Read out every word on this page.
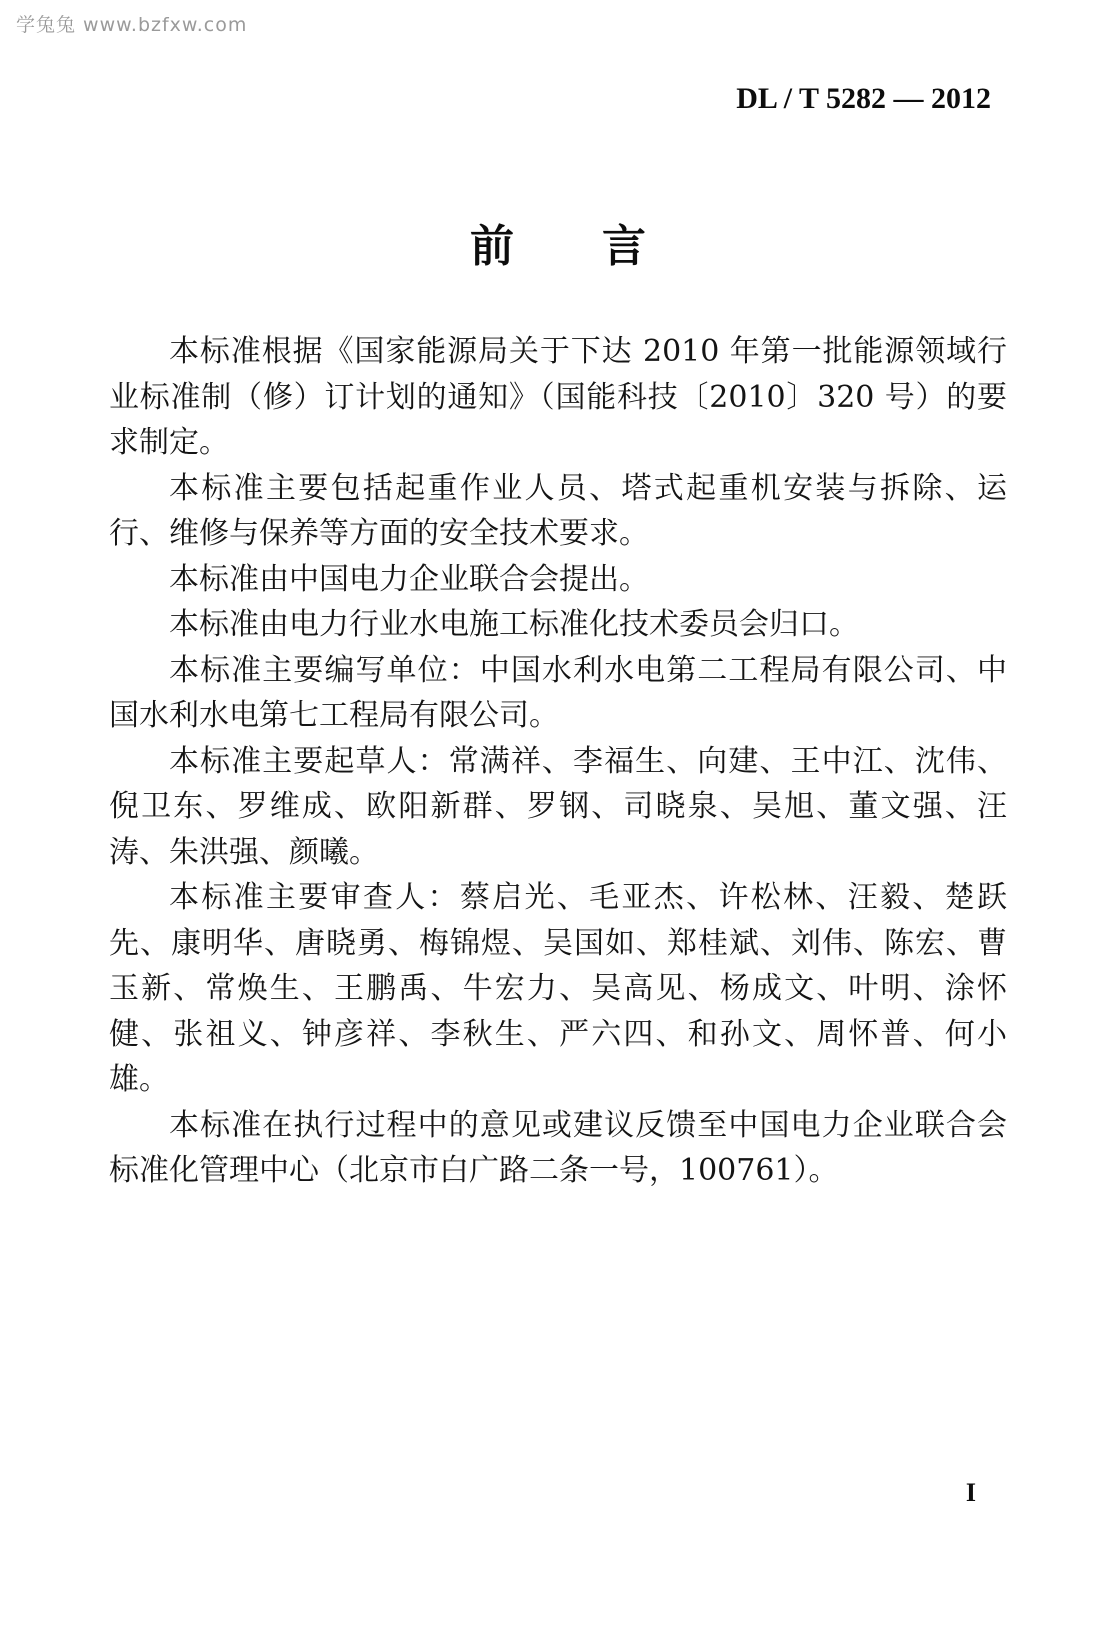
学兔兔 www.bzfxw.com
DL / T 5282 — 2012
前言

本标准根据《国家能源局关于下达 2010 年第一批能源领域行业标准制（修）订计划的通知》（国能科技〔2010〕320 号）的要求制定。

本标准主要包括起重作业人员、塔式起重机安装与拆除、运行、维修与保养等方面的安全技术要求。

本标准由中国电力企业联合会提出。

本标准由电力行业水电施工标准化技术委员会归口。

本标准主要编写单位：中国水利水电第二工程局有限公司、中国水利水电第七工程局有限公司。

本标准主要起草人：常满祥、李福生、向建、王中江、沈伟、倪卫东、罗维成、欧阳新群、罗钢、司晓泉、吴旭、董文强、汪涛、朱洪强、颜曦。

本标准主要审查人：蔡启光、毛亚杰、许松林、汪毅、楚跃先、康明华、唐晓勇、梅锦煜、吴国如、郑桂斌、刘伟、陈宏、曹玉新、常焕生、王鹏禹、牛宏力、吴高见、杨成文、叶明、涂怀健、张祖义、钟彦祥、李秋生、严六四、和孙文、周怀普、何小雄。

本标准在执行过程中的意见或建议反馈至中国电力企业联合会标准化管理中心（北京市白广路二条一号，100761）。

I
